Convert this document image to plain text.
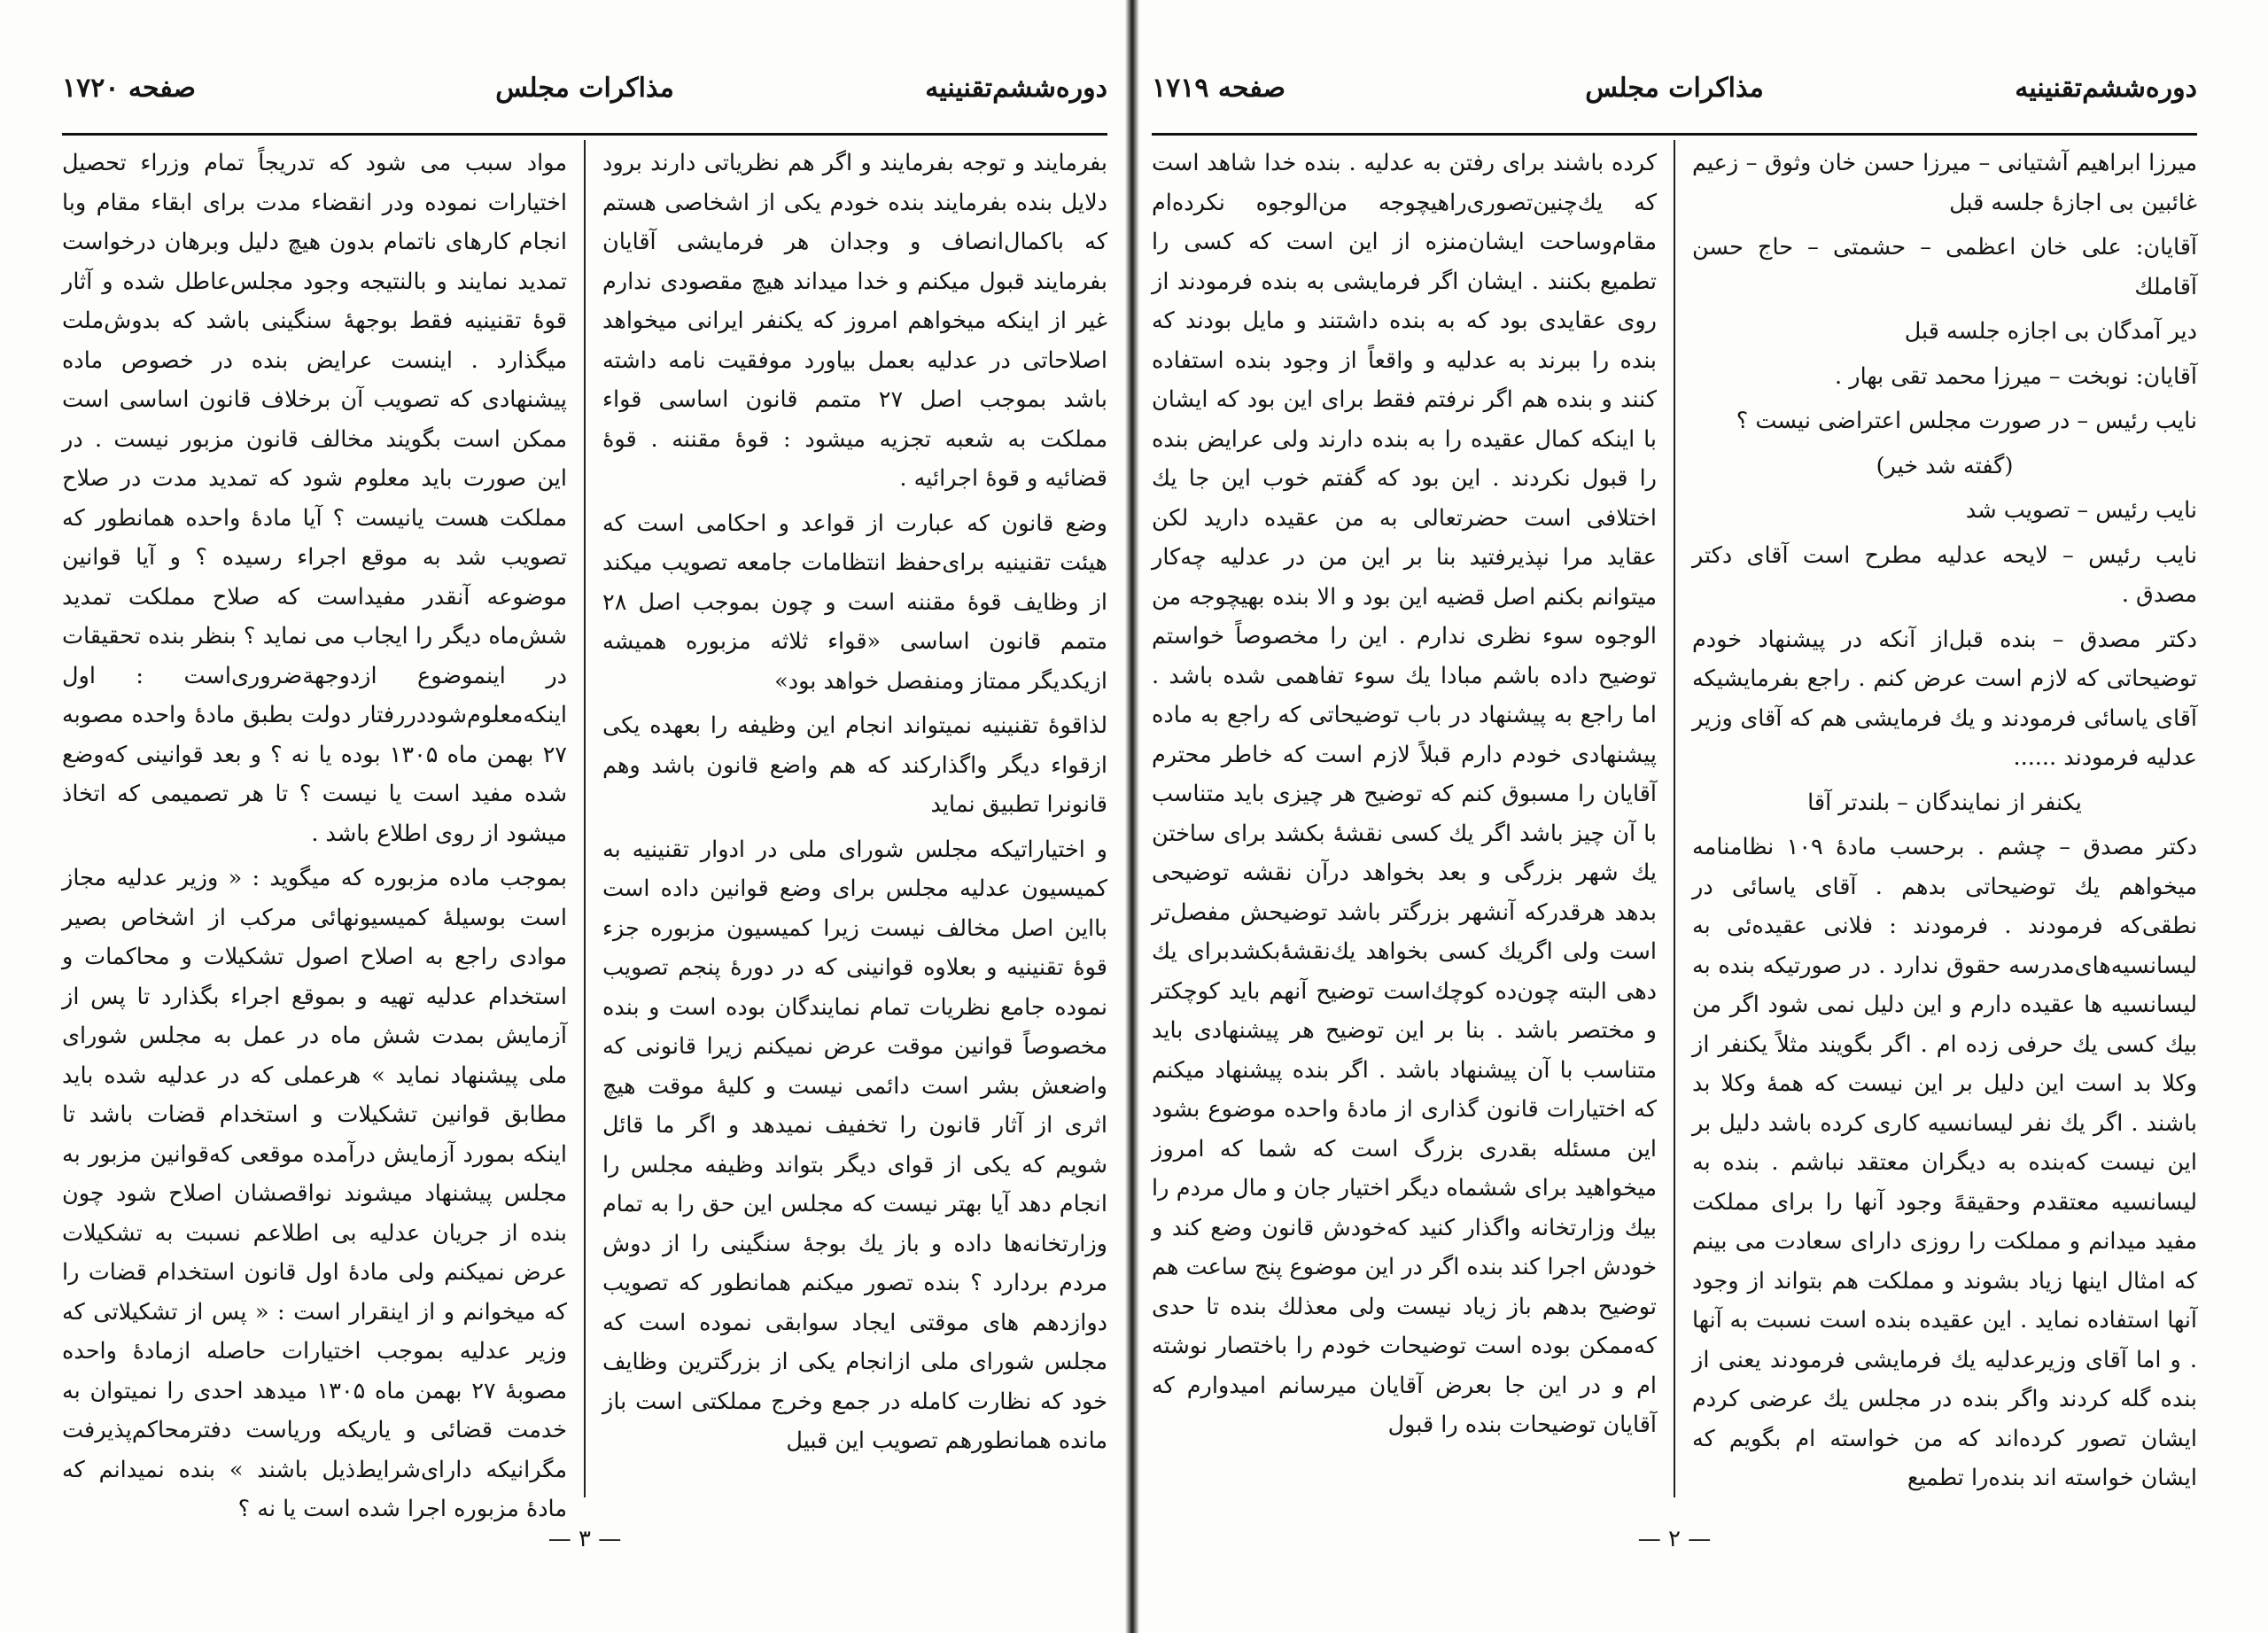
دوره‌ششم‌تقنینیه
مذاکرات مجلس
صفحه ۱۷۲۰

بفرمایند و توجه بفرمایند و اگر هم نظریاتی دارند برود دلایل بنده بفرمایند بنده خودم یکی از اشخاصی هستم که باکمال‌انصاف و وجدان هر فرمایشی آقایان بفرمایند قبول میکنم و خدا میداند هیچ مقصودی ندارم غیر از اینکه میخواهم امروز که یکنفر ایرانی میخواهد اصلاحاتی در عدلیه بعمل بیاورد موفقیت نامه داشته باشد بموجب اصل ۲۷ متمم قانون اساسی قواء مملکت به شعبه تجزیه میشود : قوهٔ مقننه . قوهٔ قضائیه و قوهٔ اجرائیه .

وضع قانون که عبارت از قواعد و احکامی است که هیئت تقنینیه برای‌حفظ انتظامات جامعه تصویب میکند از وظایف قوهٔ مقننه است و چون بموجب اصل ۲۸ متمم قانون اساسی «قواء ثلاثه مزبوره همیشه ازیکدیگر ممتاز ومنفصل خواهد بود»

لذاقوهٔ تقنینیه نمیتواند انجام این وظیفه را بعهده یکی ازقواء دیگر واگذارکند که هم واضع قانون باشد وهم قانونرا تطبیق نماید

و اختیاراتیکه مجلس شورای ملی در ادوار تقنینیه به کمیسیون عدلیه مجلس برای وضع قوانین داده است بااین اصل مخالف نیست زیرا کمیسیون مزبوره جزء قوهٔ تقنینیه و بعلاوه قوانینی که در دورهٔ پنجم تصویب نموده جامع نظریات تمام نمایندگان بوده است و بنده مخصوصاً قوانین موقت عرض نمیکنم زیرا قانونی که واضعش بشر است دائمی نیست و کلیهٔ موقت هیچ اثری از آثار قانون را تخفیف نمیدهد و اگر ما قائل شویم که یکی از قوای دیگر بتواند وظیفه مجلس را انجام دهد آیا بهتر نیست که مجلس این حق را به تمام وزارتخانه‌ها داده و باز یك بوجهٔ سنگینی را از دوش مردم بردارد ؟ بنده تصور میکنم همانطور که تصویب دوازدهم های موقتی ایجاد سوابقی نموده است که مجلس شورای ملی ازانجام یکی از بزرگترین وظایف خود که نظارت کامله در جمع وخرج مملکتی است باز مانده همانطورهم تصویب این قبیل

مواد سبب می شود که تدریجاً تمام وزراء تحصیل اختیارات نموده ودر انقضاء مدت برای ابقاء مقام وبا انجام کارهای ناتمام بدون هیچ دلیل وبرهان درخواست تمدید نمایند و بالنتیجه وجود مجلس‌عاطل شده و آثار قوهٔ تقنینیه فقط بوجههٔ سنگینی باشد که بدوش‌ملت میگذارد . اینست عرایض بنده در خصوص ماده پیشنهادی که تصویب آن برخلاف قانون اساسی است ممکن است بگویند مخالف قانون مزبور نیست . در این صورت باید معلوم شود که تمدید مدت در صلاح مملکت هست یانیست ؟ آیا مادهٔ واحده همانطور که تصویب شد به موقع اجراء رسیده ؟ و آیا قوانین موضوعه آنقدر مفیداست که صلاح مملکت تمدید شش‌ماه دیگر را ایجاب می نماید ؟ بنظر بنده تحقیقات در اینموضوع ازدوجهة‌ضروری‌است : اول اینکه‌معلوم‌شود‌دررفتار دولت بطبق مادهٔ واحده مصوبه ۲۷ بهمن ماه ۱۳۰۵ بوده یا نه ؟ و بعد قوانینی که‌وضع شده مفید است یا نیست ؟ تا هر تصمیمی که اتخاذ میشود از روی اطلاع باشد .

بموجب ماده مزبوره که میگوید : « وزیر عدلیه مجاز است بوسیلهٔ کمیسیونهائی مرکب از اشخاص بصیر موادی راجع به اصلاح اصول تشکیلات و محاکمات و استخدام عدلیه تهیه و بموقع اجراء بگذارد تا پس از آزمایش بمدت شش ماه در عمل به مجلس شورای ملی پیشنهاد نماید » هرعملی که در عدلیه شده باید مطابق قوانین تشکیلات و استخدام قضات باشد تا اینکه بمورد آزمایش درآمده موقعی که‌قوانین مزبور به مجلس پیشنهاد میشوند نواقصشان اصلاح شود چون بنده از جریان عدلیه بی اطلاعم نسبت به تشکیلات عرض نمیکنم ولی مادهٔ اول قانون استخدام قضات را که میخوانم و از اینقرار است : « پس از تشکیلاتی که وزیر عدلیه بموجب اختیارات حاصله ازمادهٔ واحده مصوبهٔ ۲۷ بهمن ماه ۱۳۰۵ میدهد احدی را نمیتوان به خدمت قضائی و یاریکه وریاست دفترمحاکم‌پذیرفت مگرانیکه دارای‌شرایط‌ذیل باشند » بنده نمیدانم که مادهٔ مزبوره اجرا شده است یا نه ؟

— ۳ —
دوره‌ششم‌تقنینیه
مذاکرات مجلس
صفحه ۱۷۱۹

میرزا ابراهیم آشتیانی – میرزا حسن خان وثوق – زعیم غائبین بی اجازهٔ جلسه قبل

آقایان: علی خان اعظمی – حشمتی – حاج حسن آقاملك

دیر آمدگان بی اجازه جلسه قبل

آقایان: نوبخت – میرزا محمد تقی بهار .

نایب رئیس – در صورت مجلس اعتراضی نیست ؟

(گفته شد خیر)

نایب رئیس – تصویب شد

نایب رئیس – لایحه عدلیه مطرح است آقای دکتر مصدق .

دکتر مصدق – بنده قبل‌از آنکه در پیشنهاد خودم توضیحاتی که لازم است عرض کنم . راجع بفرمایشیکه آقای یاسائی فرمودند و یك فرمایشی هم که آقای وزیر عدلیه فرمودند ......

یکنفر از نمایندگان – بلندتر آقا

دکتر مصدق – چشم . برحسب مادهٔ ۱۰۹ نظامنامه میخواهم یك توضیحاتی بدهم . آقای یاسائی در نطقی‌که فرمودند . فرمودند : فلانی عقیده‌ئی به لیسانسیه‌های‌مدرسه حقوق ندارد . در صورتیکه بنده به لیسانسیه ها عقیده دارم و این دلیل نمی شود اگر من بیك کسی یك حرفی زده ام . اگر بگویند مثلاً یکنفر از وکلا بد است این دلیل بر این نیست که همهٔ وکلا بد باشند . اگر یك نفر لیسانسیه کاری کرده باشد دلیل بر این نیست که‌بنده به دیگران معتقد نباشم . بنده به لیسانسیه معتقدم وحقیقهً وجود آنها را برای مملکت مفید میدانم و مملکت را روزی دارای سعادت می بینم که امثال اینها زیاد بشوند و مملکت هم بتواند از وجود آنها استفاده نماید . این عقیده بنده است نسبت به آنها . و اما آقای وزیرعدلیه یك فرمایشی فرمودند یعنی از بنده گله کردند واگر بنده در مجلس یك عرضی کردم ایشان تصور کرده‌اند که من خواسته ام بگویم که ایشان خواسته اند بنده‌را تطمیع

کرده باشند برای رفتن به عدلیه . بنده خدا شاهد است که یك‌چنین‌تصوری‌راهیچوجه من‌الوجوه نکرده‌ام مقام‌وساحت ایشان‌منزه از این است که کسی را تطمیع بکنند . ایشان اگر فرمایشی به بنده فرمودند از روی عقایدی بود که به بنده داشتند و مایل بودند که بنده را ببرند به عدلیه و واقعاً از وجود بنده استفاده کنند و بنده هم اگر نرفتم فقط برای این بود که ایشان با اینکه کمال عقیده را به بنده دارند ولی عرایض بنده را قبول نکردند . این بود که گفتم خوب این جا یك اختلافی است حضرتعالی به من عقیده دارید لکن عقاید مرا نپذیرفتید بنا بر این من در عدلیه چه‌کار میتوانم بکنم اصل قضیه این بود و الا بنده بهیچوجه من الوجوه سوء نظری ندارم . این را مخصوصاً خواستم توضیح داده باشم مبادا یك سوء تفاهمی شده باشد . اما راجع به پیشنهاد در باب توضیحاتی که راجع به ماده پیشنهادی خودم دارم قبلاً لازم است که خاطر محترم آقایان را مسبوق کنم که توضیح هر چیزی باید متناسب با آن چیز باشد اگر یك کسی نقشهٔ بکشد برای ساختن یك شهر بزرگی و بعد بخواهد درآن نقشه توضیحی بدهد هرقدرکه آنشهر بزرگتر باشد توضیحش مفصل‌تر است ولی اگریك کسی بخواهد یك‌نقشهٔ‌بکشد‌برای یك دهی البته چون‌ده کوچك‌است توضیح آنهم باید کوچکتر و مختصر باشد . بنا بر این توضیح هر پیشنهادی باید متناسب با آن پیشنهاد باشد . اگر بنده پیشنهاد میکنم که اختیارات قانون گذاری از مادهٔ واحده موضوع بشود این مسئله بقدری بزرگ است که شما که امروز میخواهید برای ششماه دیگر اختیار جان و مال مردم را بیك وزارتخانه واگذار کنید که‌خودش قانون وضع کند و خودش اجرا کند بنده اگر در این موضوع پنج ساعت هم توضیح بدهم باز زیاد نیست ولی معذلك بنده تا حدی که‌ممکن بوده است توضیحات خودم را باختصار نوشته ام و در این جا بعرض آقایان میرسانم امیدوارم که آقایان توضیحات بنده را قبول

— ۲ —
